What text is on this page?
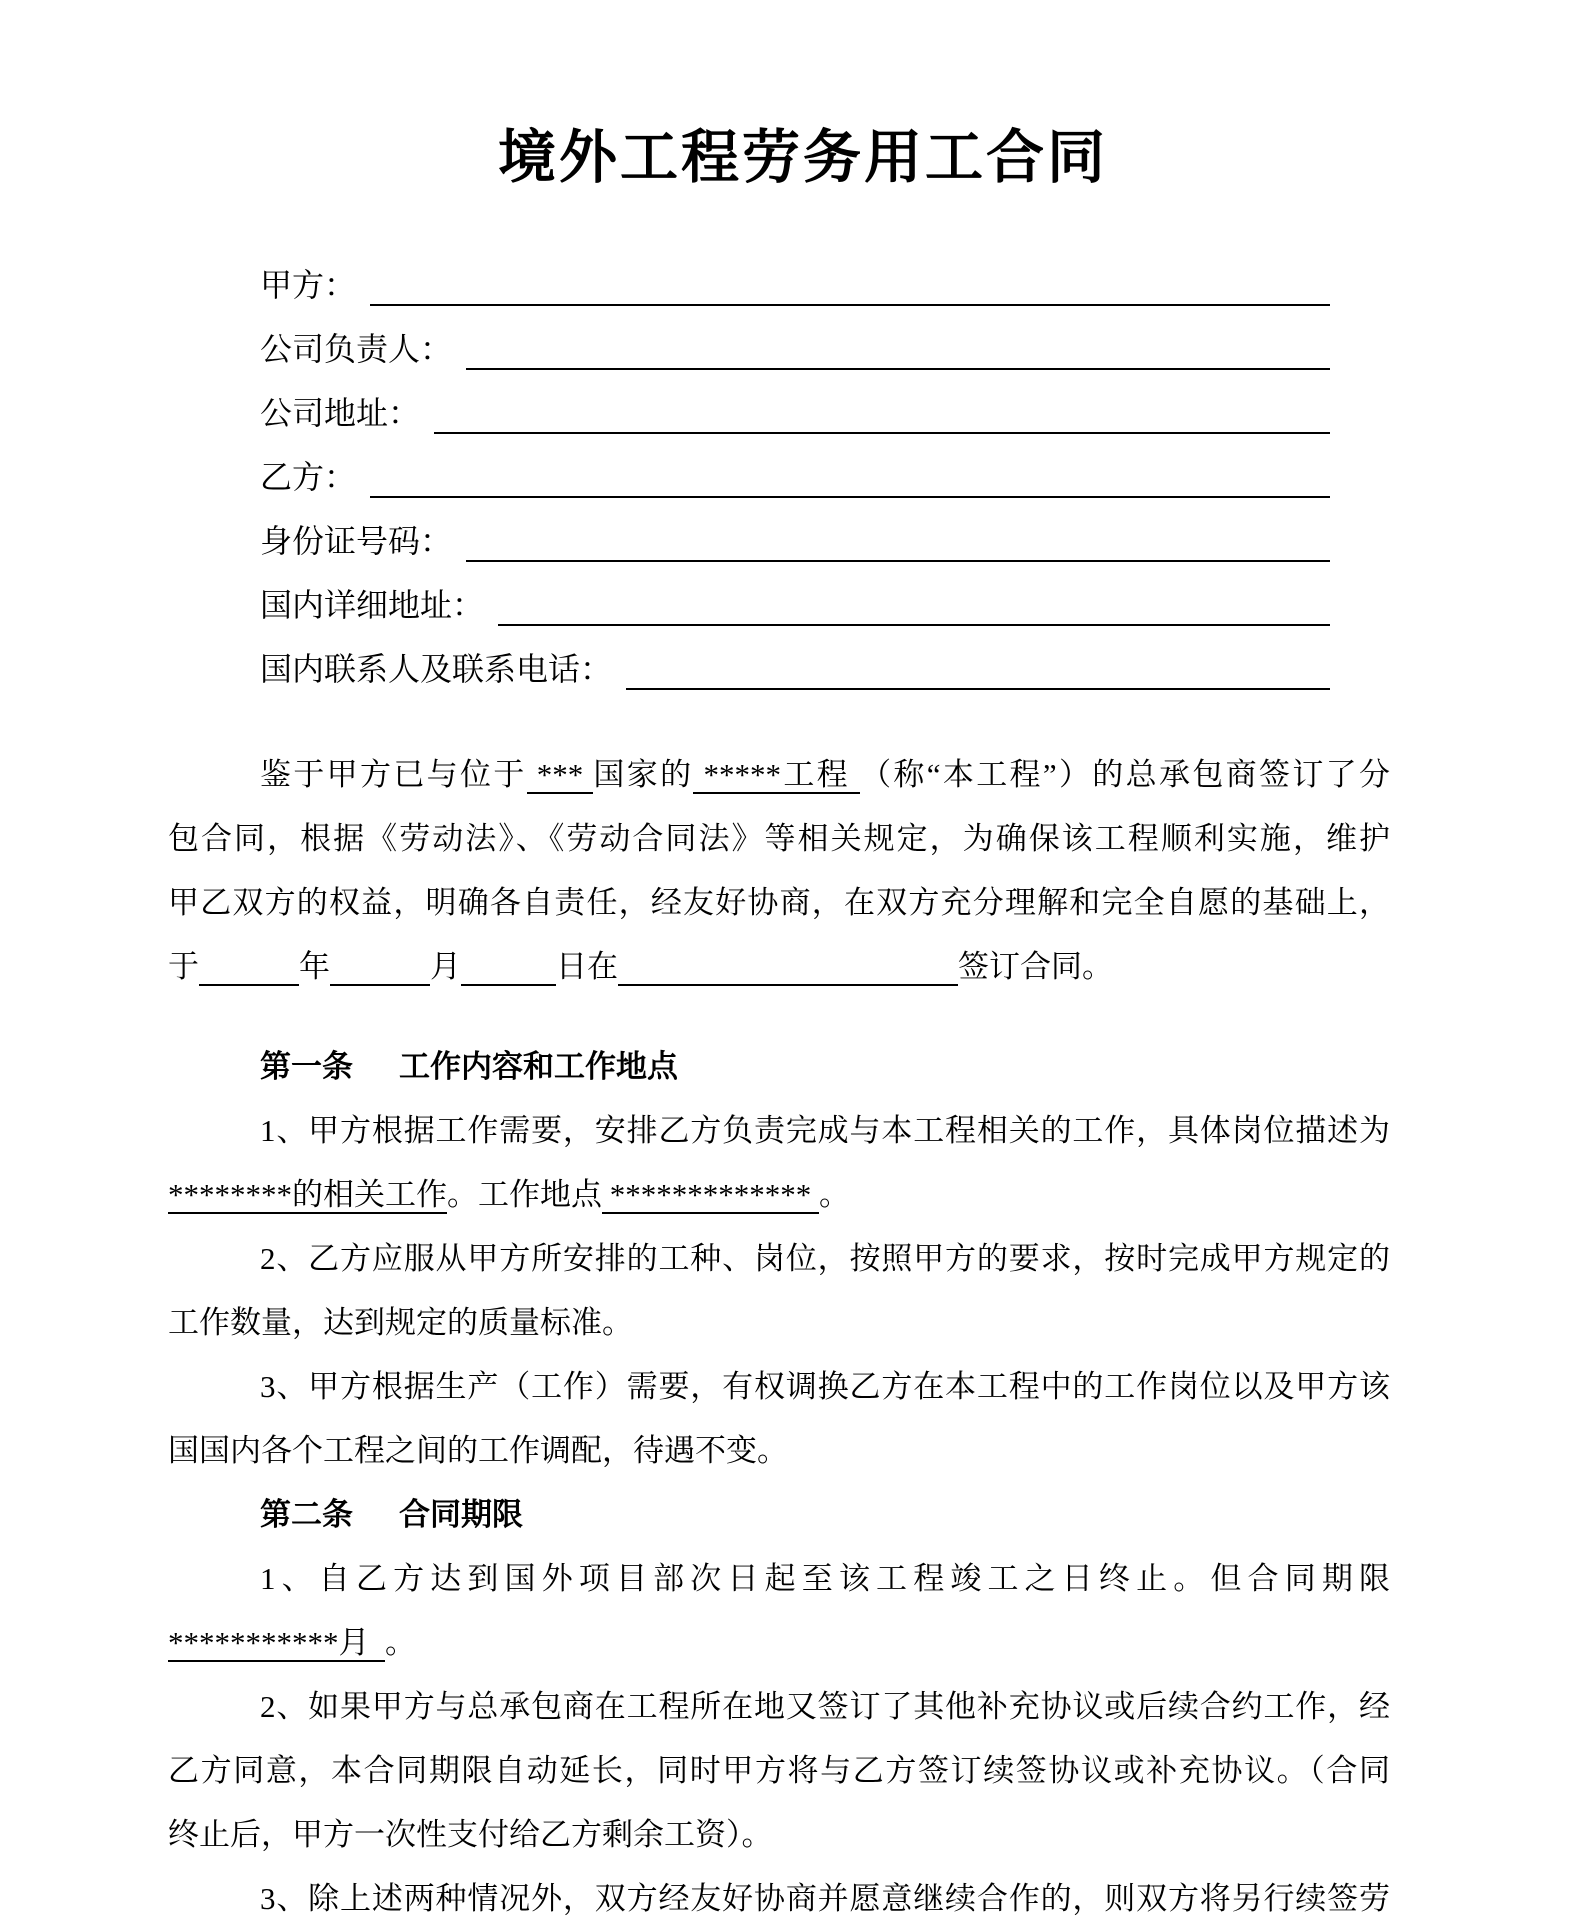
境外工程劳务用工合同
甲方：
公司负责人：
公司地址：
乙方：
身份证号码：
国内详细地址：
国内联系人及联系电话：
鉴于甲方已与位于 *** 国家的 *****工程 （称“本工程”）的总承包商签订了分
包合同，根据《劳动法》、《劳动合同法》等相关规定，为确保该工程顺利实施，维护
甲乙双方的权益，明确各自责任，经友好协商，在双方充分理解和完全自愿的基础上，
于	年	月	日在	签订合同。
第一条 工作内容和工作地点
1、甲方根据工作需要，安排乙方负责完成与本工程相关的工作，具体岗位描述为
********的相关工作。工作地点 ************* 。
2、乙方应服从甲方所安排的工种、岗位，按照甲方的要求，按时完成甲方规定的
工作数量，达到规定的质量标准。
3、甲方根据生产（工作）需要，有权调换乙方在本工程中的工作岗位以及甲方该
国国内各个工程之间的工作调配，待遇不变。
第二条 合同期限
1、自乙方达到国外项目部次日起至该工程竣工之日终止。但合同期限
***********月  。
2、如果甲方与总承包商在工程所在地又签订了其他补充协议或后续合约工作，经
乙方同意，本合同期限自动延长，同时甲方将与乙方签订续签协议或补充协议。（合同
终止后，甲方一次性支付给乙方剩余工资）。
3、除上述两种情况外，双方经友好协商并愿意继续合作的，则双方将另行续签劳
